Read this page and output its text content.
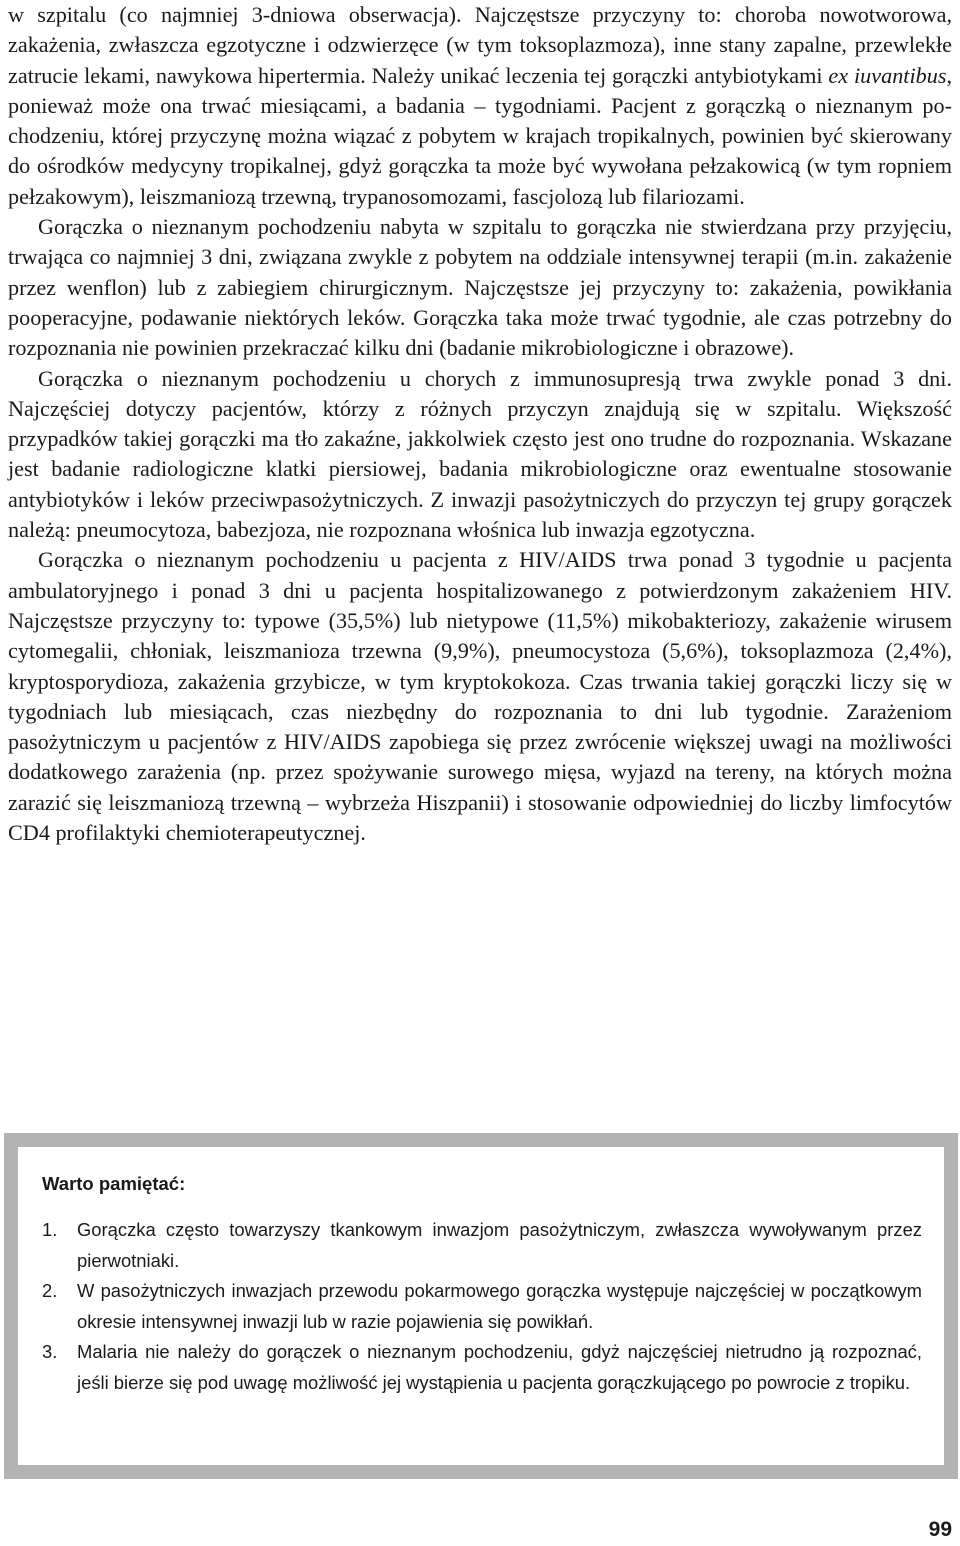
w szpitalu (co najmniej 3-dniowa obserwacja). Najczęstsze przyczyny to: choroba nowotworowa, zakażenia, zwłaszcza egzotyczne i odzwierzęce (w tym toksoplazmoza), inne stany zapalne, przewlekłe zatrucie lekami, nawykowa hipertermia. Należy unikać leczenia tej gorączki antybiotykami ex iuvantibus, ponieważ może ona trwać miesiącami, a badania – tygodniami. Pacjent z gorączką o nieznanym pochodzeniu, której przyczynę można wiązać z pobytem w krajach tropikalnych, powinien być skierowany do ośrodków medycyny tropikalnej, gdyż gorączka ta może być wywołana pełzakowicą (w tym ropniem pełzakowym), leiszmaniozą trzewną, trypanosomozami, fascjolozą lub filariozami.

Gorączka o nieznanym pochodzeniu nabyta w szpitalu to gorączka nie stwierdzana przy przyjęciu, trwająca co najmniej 3 dni, związana zwykle z pobytem na oddziale intensywnej terapii (m.in. zakażenie przez wenflon) lub z zabiegiem chirurgicznym. Najczęstsze jej przyczyny to: zakażenia, powikłania pooperacyjne, podawanie niektórych leków. Gorączka taka może trwać tygodnie, ale czas potrzebny do rozpoznania nie powinien przekraczać kilku dni (badanie mikrobiologiczne i obrazowe).

Gorączka o nieznanym pochodzeniu u chorych z immunosupresją trwa zwykle ponad 3 dni. Najczęściej dotyczy pacjentów, którzy z różnych przyczyn znajdują się w szpitalu. Większość przypadków takiej gorączki ma tło zakaźne, jakkolwiek często jest ono trudne do rozpoznania. Wskazane jest badanie radiologiczne klatki piersiowej, badania mikrobiologiczne oraz ewentualne stosowanie antybiotyków i leków przeciwpasożytniczych. Z inwazji pasożytniczych do przyczyn tej grupy gorączek należą: pneumocytoza, babezjoza, nie rozpoznana włośnica lub inwazja egzotyczna.

Gorączka o nieznanym pochodzeniu u pacjenta z HIV/AIDS trwa ponad 3 tygodnie u pacjenta ambulatoryjnego i ponad 3 dni u pacjenta hospitalizowanego z potwierdzonym zakażeniem HIV. Najczęstsze przyczyny to: typowe (35,5%) lub nietypowe (11,5%) mikobakteriozy, zakażenie wirusem cytomegalii, chłoniak, leiszmanioza trzewna (9,9%), pneumocystoza (5,6%), toksoplazmoza (2,4%), kryptosporydioza, zakażenia grzybicze, w tym kryptokokoza. Czas trwania takiej gorączki liczy się w tygodniach lub miesiącach, czas niezbędny do rozpoznania to dni lub tygodnie. Zarażeniom pasożytniczym u pacjentów z HIV/AIDS zapobiega się przez zwrócenie większej uwagi na możliwości dodatkowego zarażenia (np. przez spożywanie surowego mięsa, wyjazd na tereny, na których można zarazić się leiszmaniozą trzewną – wybrzeża Hiszpanii) i stosowanie odpowiedniej do liczby limfocytów CD4 profilaktyki chemioterapeutycznej.

Warto pamiętać:
1. Gorączka często towarzyszy tkankowym inwazjom pasożytniczym, zwłaszcza wywoływanym przez pierwotniaki.
2. W pasożytniczych inwazjach przewodu pokarmowego gorączka występuje najczęściej w początkowym okresie intensywnej inwazji lub w razie pojawienia się powikłań.
3. Malaria nie należy do gorączek o nieznanym pochodzeniu, gdyż najczęściej nietrudno ją rozpoznać, jeśli bierze się pod uwagę możliwość jej wystąpienia u pacjenta gorączkującego po powrocie z tropiku.
99
